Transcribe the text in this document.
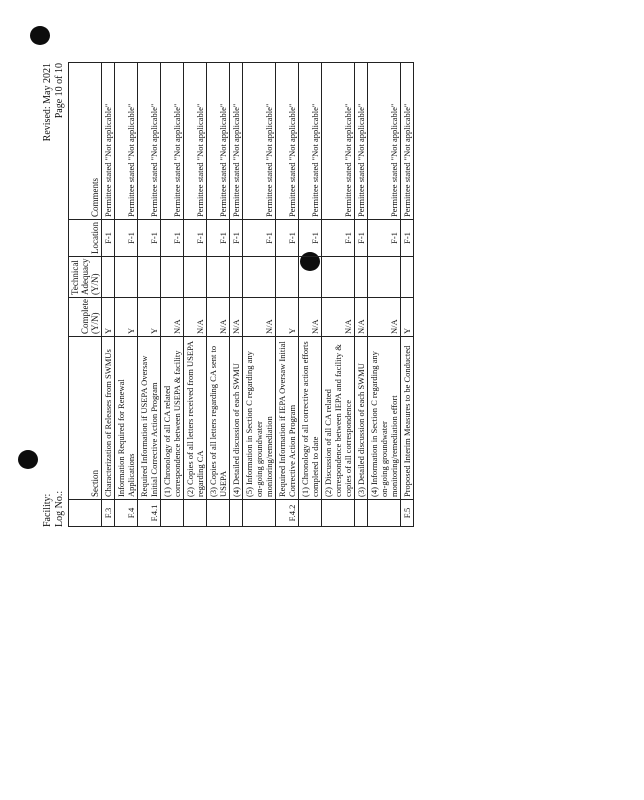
Facility: Log No.:
Revised: May 2021 Page 10 of 10
	Section	Complete (Y/N)	Technical Adequacy (Y/N)	Location	Comments
F.3	Characterization of Releases from SWMUs	Y		F-1	Permittee stated "Not applicable"
F.4	Information Required for Renewal Applications	Y		F-1	Permittee stated "Not applicable"
F.4.1	Required Information if USEPA Oversaw Initial Corrective Action Program	Y		F-1	Permittee stated "Not applicable"
	(1) Chronology of all CA related correspondence between USEPA & facility	N/A		F-1	Permittee stated "Not applicable"
	(2) Copies of all letters received from USEPA regarding CA	N/A		F-1	Permittee stated "Not applicable"
	(3) Copies of all letters regarding CA sent to USEPA	N/A		F-1	Permittee stated "Not applicable"
	(4) Detailed discussion of each SWMU	N/A		F-1	Permittee stated "Not applicable"
	(5) Information in Section C regarding any on-going groundwater monitoring/remediation	N/A		F-1	Permittee stated "Not applicable"
F.4.2	Required Information if IEPA Oversaw Initial Corrective Action Program	Y		F-1	Permittee stated "Not applicable"
	(1) Chronology of all corrective action efforts completed to date	N/A		F-1	Permittee stated "Not applicable"
	(2) Discussion of all CA related correspondence between IEPA and facility & copies of all correspondence	N/A		F-1	Permittee stated "Not applicable"
	(3) Detailed discussion of each SWMU	N/A		F-1	Permittee stated "Not applicable"
	(4) Information in Section C regarding any on-going groundwater monitoring/remediation effort	N/A		F-1	Permittee stated "Not applicable"
F.5	Proposed Interim Measures to be Conducted	Y		F-1	Permittee stated "Not applicable"
